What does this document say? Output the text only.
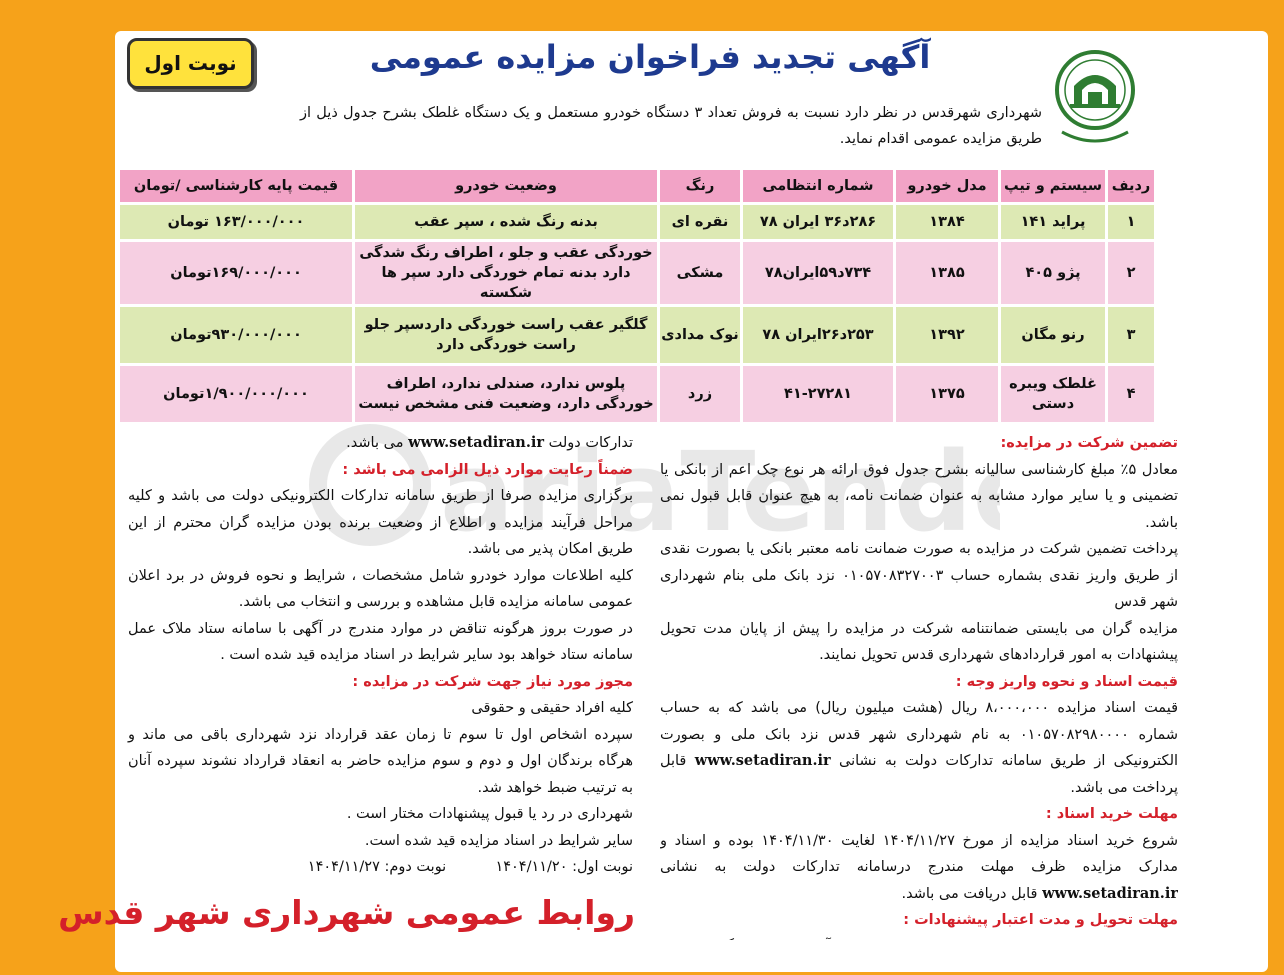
نوبت اول	آگهی تجدید فراخوان مزایده عمومی
شهرداری شهرقدس در نظر دارد نسبت به فروش تعداد ۳ دستگاه خودرو مستعمل و یک دستگاه غلطک بشرح جدول ذیل از طریق مزایده عمومی اقدام نماید.
ردیف	سیستم و تیپ	مدل خودرو	شماره انتظامی	رنگ	وضعیت خودرو	قیمت پایه کارشناسی /تومان
۱	پراید ۱۴۱	۱۳۸۴	۲۸۶د۳۶ ایران ۷۸	نقره ای	بدنه رنگ شده ، سپر عقب	۱۶۳/۰۰۰/۰۰۰ تومان
۲	پژو ۴۰۵	۱۳۸۵	۷۳۴د۵۹ایران۷۸	مشکی	خوردگی عقب و جلو ، اطراف رنگ شدگی دارد بدنه تمام خوردگی دارد سپر ها شکسته	۱۶۹/۰۰۰/۰۰۰تومان
۳	رنو مگان	۱۳۹۲	۲۵۳د۲۶ایران ۷۸	نوک مدادی	گلگیر عقب راست خوردگی داردسپر جلو راست خوردگی دارد	۹۳۰/۰۰۰/۰۰۰تومان
۴	غلطک ویبره دستی	۱۳۷۵	۴۱-۲۷۲۸۱	زرد	پلوس ندارد، صندلی ندارد، اطراف خوردگی دارد، وضعیت فنی مشخص نیست	۱/۹۰۰/۰۰۰/۰۰۰تومان
تضمین شرکت در مزایده:
معادل ۵٪ مبلغ کارشناسی سالیانه بشرح جدول فوق ارائه هر نوع چک اعم از بانکی یا تضمینی و یا سایر موارد مشابه به عنوان ضمانت نامه، به هیچ عنوان قابل قبول نمی باشد.
پرداخت تضمین شرکت در مزایده به صورت ضمانت نامه معتبر بانکی یا بصورت نقدی از طریق واریز نقدی بشماره حساب ۰۱۰۵۷۰۸۳۲۷۰۰۳ نزد بانک ملی بنام شهرداری شهر قدس
مزایده گران می بایستی ضمانتنامه شرکت در مزایده را پیش از پایان مدت تحویل پیشنهادات به امور قراردادهای شهرداری قدس تحویل نمایند.
قیمت اسناد و نحوه واریز وجه :
قیمت اسناد مزایده ۸،۰۰۰،۰۰۰ ریال (هشت میلیون ریال) می باشد که به حساب شماره ۰۱۰۵۷۰۸۲۹۸۰۰۰۰ به نام شهرداری شهر قدس نزد بانک ملی و بصورت الکترونیکی از طریق سامانه تدارکات دولت به نشانی www.setadiran.ir قابل پرداخت می باشد.
مهلت خرید اسناد :
شروع خرید اسناد مزایده از مورخ ۱۴۰۴/۱۱/۲۷ لغایت ۱۴۰۴/۱۱/۳۰ بوده و اسناد و مدارک مزایده ظرف مهلت مندرج درسامانه تدارکات دولت به نشانی www.setadiran.ir قابل دریافت می باشد.
مهلت تحویل و مدت اعتبار پیشنهادات :
تدارکات دولت www.setadiran.ir می باشد.
ضمناً رعایت موارد ذیل الزامی می باشد :
برگزاری مزایده صرفا از طریق سامانه تدارکات الکترونیکی دولت می باشد و کلیه مراحل فرآیند مزایده و اطلاع از وضعیت برنده بودن مزایده گران محترم از این طریق امکان پذیر می باشد.
کلیه اطلاعات موارد خودرو شامل مشخصات ، شرایط و نحوه فروش در برد اعلان عمومی سامانه مزایده قابل مشاهده و بررسی و انتخاب می باشد.
در صورت بروز هرگونه تناقض در موارد مندرج در آگهی با سامانه ستاد ملاک عمل سامانه ستاد خواهد بود سایر شرایط در اسناد مزایده قید شده است .
مجوز مورد نیاز جهت شرکت در مزایده :
کلیه افراد حقیقی و حقوقی
سپرده اشخاص اول تا سوم تا زمان عقد قرارداد نزد شهرداری باقی می ماند و هرگاه برندگان اول و دوم و سوم مزایده حاضر به انعقاد قرارداد نشوند سپرده آنان به ترتیب ضبط خواهد شد.
شهرداری در رد یا قبول پیشنهادات مختار است .
سایر شرایط در اسناد مزایده قید شده است.
نوبت اول: ۱۴۰۴/۱۱/۲۰  نوبت دوم: ۱۴۰۴/۱۱/۲۷
روابط عمومی شهرداری شهر قدس
